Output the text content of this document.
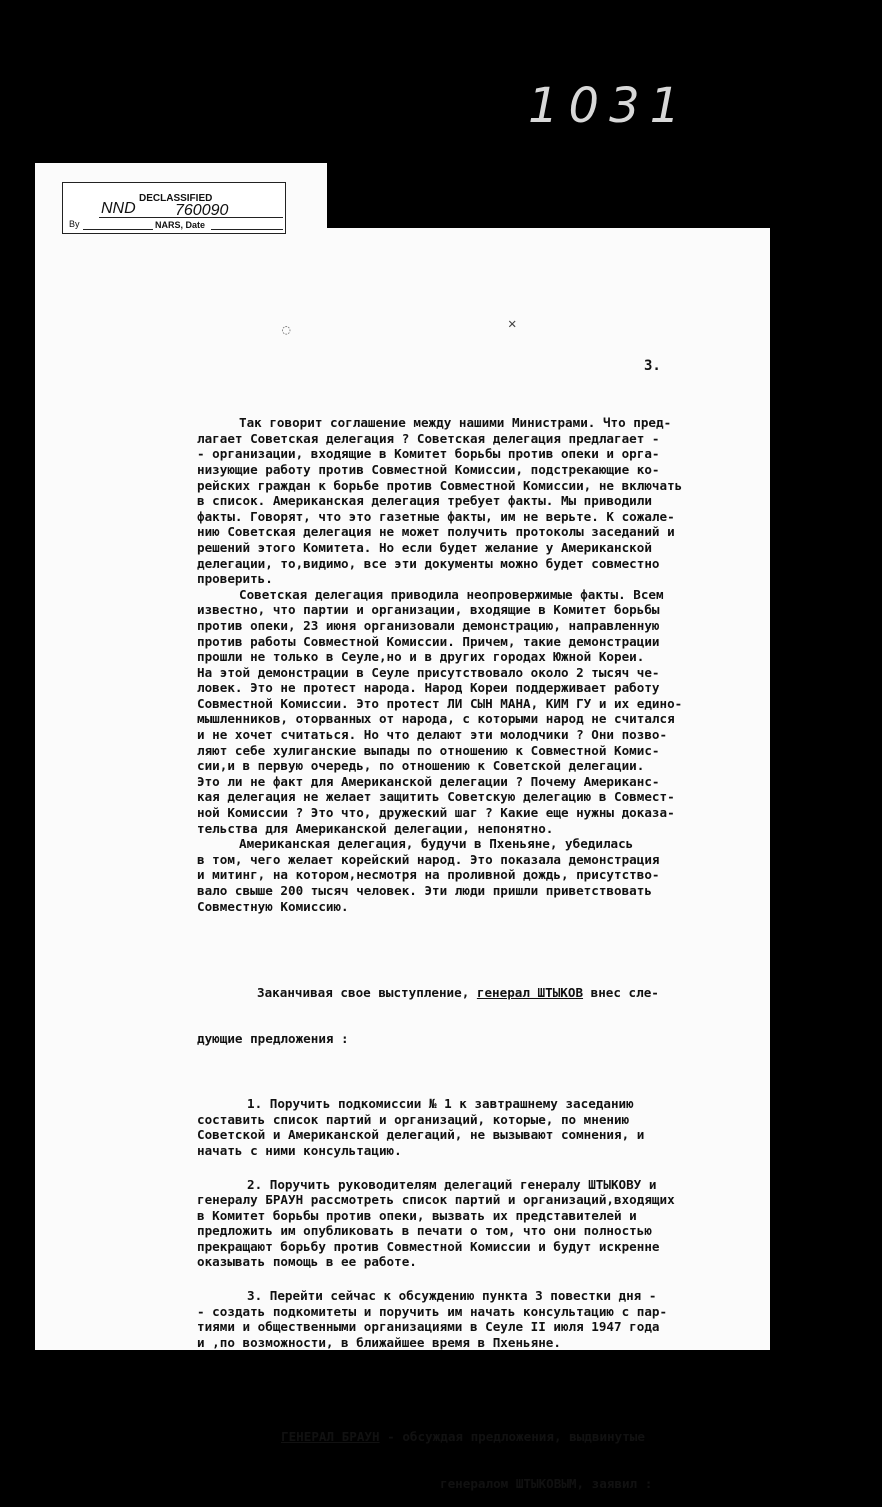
1031
DECLASSIFIED
NND 760090
By	NARS, Date
◌	✕
3.

Так говорит соглашение между нашими Министрами. Что пред-
лагает Советская делегация ? Советская делегация предлагает -
- организации, входящие в Комитет борьбы против опеки и орга-
низующие работу против Совместной Комиссии, подстрекающие ко-
рейских граждан к борьбе против Совместной Комиссии, не включать
в список. Американская делегация требует факты. Мы приводили
факты. Говорят, что это газетные факты, им не верьте. К сожале-
нию Советская делегация не может получить протоколы заседаний и
решений этого Комитета. Но если будет желание у Американской
делегации, то,видимо, все эти документы можно будет совместно
проверить.
Советская делегация приводила неопровержимые факты. Всем
известно, что партии и организации, входящие в Комитет борьбы
против опеки, 23 июня организовали демонстрацию, направленную
против работы Совместной Комиссии. Причем, такие демонстрации
прошли не только в Сеуле,но и в других городах Южной Кореи.
На этой демонстрации в Сеуле присутствовало около 2 тысяч че-
ловек. Это не протест народа. Народ Кореи поддерживает работу
Совместной Комиссии. Это протест ЛИ СЫН МАНА, КИМ ГУ и их едино-
мышленников, оторванных от народа, с которыми народ не считался
и не хочет считаться. Но что делают эти молодчики ? Они позво-
ляют себе хулиганские выпады по отношению к Совместной Комис-
сии,и в первую очередь, по отношению к Советской делегации.
Это ли не факт для Американской делегации ? Почему Американс-
кая делегация не желает защитить Советскую делегацию в Совмест-
ной Комиссии ? Это что, дружеский шаг ? Какие еще нужны доказа-
тельства для Американской делегации, непонятно.
Американская делегация, будучи в Пхеньяне, убедилась
в том, чего желает корейский народ. Это показала демонстрация
и митинг, на котором,несмотря на проливной дождь, присутство-
вало свыше 200 тысяч человек. Эти люди пришли приветствовать
Совместную Комиссию.

Заканчивая свое выступление, генерал ШТЫКОВ внес сле-

дующие предложения :

1. Поручить подкомиссии № 1 к завтрашнему заседанию
составить список партий и организаций, которые, по мнению
Советской и Американской делегаций, не вызывают сомнения, и
начать с ними консультацию.
2. Поручить руководителям делегаций генералу ШТЫКОВУ и
генералу БРАУН рассмотреть список партий и организаций,входящих
в Комитет борьбы против опеки, вызвать их представителей и
предложить им опубликовать в печати о том, что они полностью
прекращают борьбу против Совместной Комиссии и будут искренне
оказывать помощь в ее работе.
3. Перейти сейчас к обсуждению пункта 3 повестки дня -
- создать подкомитеты и поручить им начать консультацию с пар-
тиями и общественными организациями в Сеуле II июля 1947 года
и ,по возможности, в ближайшее время в Пхеньяне.

ГЕНЕРАЛ БРАУН - обсуждая предложения, выдвинутые

генералом ШТЫКОВЫМ, заявил :
